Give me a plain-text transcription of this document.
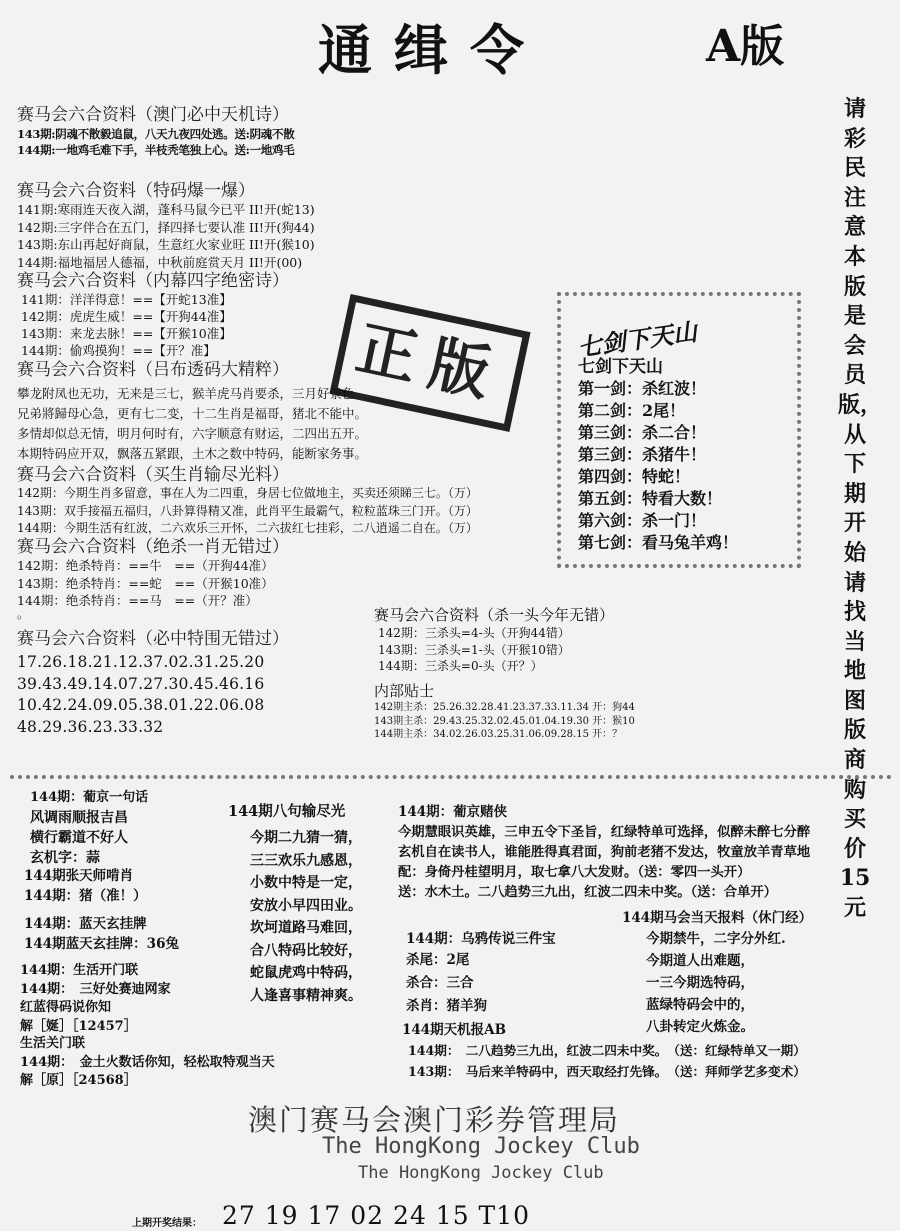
通缉令	A版
请彩民注意本版是会员版，从下期开始请找当地图版商购买价15元
赛马会六合资料（澳门必中天机诗）
143期:阴魂不散毅追鼠，八天九夜四处逃。送:阴魂不散
144期:一地鸡毛难下手，半枝秃笔独上心。送:一地鸡毛
赛马会六合资料（特码爆一爆）
141期:寒雨连天夜入湖，蓬科马鼠今已平 II!开(蛇13)
142期:三字伴合在五门，择四择七要认准 II!开(狗44)
143期:东山再起好商鼠，生意红火家业旺 II!开(猴10)
144期:福地福居人德福，中秋前庭赏天月 II!开(00)
赛马会六合资料（内幕四字绝密诗）
141期：洋洋得意！==【开蛇13准】
142期：虎虎生威！==【开狗44准】
143期：来龙去脉！==【开猴10准】
144期：偷鸡摸狗！==【开？准】	正版
赛马会六合资料（吕布透码大精粹）
攀龙附凤也无功，无来是三七，猴羊虎马肖要杀，三月好景色
兄弟將歸母心急，更有七二变，十二生肖是福哥，猪北不能中。
多情却似总无情，明月何时有，六字顺意有财运，二四出五开。
本期特码应开双，飘落五紧跟，土木之数中特码，能断家务事。
赛马会六合资料（买生肖输尽光料）
142期：今期生肖多留意，事在人为二四重，身居七位做地主，买卖还须睇三七。（万）
143期：双手接福五福归，八卦算得精又准，此肖平生最霸气，粒粒蓝珠三门开。（万）
144期：今期生活有红波，二六欢乐三开怀，二六拔红七挂彩，二八逍遥二自在。（万）
赛马会六合资料（绝杀一肖无错过）
142期：绝杀特肖：==牛　==（开狗44准）
143期：绝杀特肖：==蛇　==（开猴10准）
144期：绝杀特肖：==马　==（开？准）
。
赛马会六合资料（必中特围无错过）
17.26.18.21.12.37.02.31.25.20
39.43.49.14.07.27.30.45.46.16
10.42.24.09.05.38.01.22.06.08
48.29.36.23.33.32
赛马会六合资料（杀一头今年无错）
142期：三杀头=4-头（开狗44错）
143期：三杀头=1-头（开猴10错）
144期：三杀头=0-头（开？）
内部贴士
142期主杀：25.26.32.28.41.23.37.33.11.34 开：狗44
143期主杀：29.43.25.32.02.45.01.04.19.30 开：猴10
144期主杀：34.02.26.03.25.31.06.09.28.15 开：？
七剑下天山
七剑下天山
第一剑：杀红波！
第二剑：2尾！
第三剑：杀二合！
第三剑：杀猪牛！
第四剑：特蛇！
第五剑：特看大数！
第六剑：杀一门！
第七剑：看马兔羊鸡！
144期：葡京一句话
风调雨顺报吉昌
横行霸道不好人
玄机字：蒜
144期张天师啃肖
144期：猪（准！）
144期：蓝天玄挂牌
144期蓝天玄挂牌：36兔
144期：生活开门联
144期：　三好处赛迪网家
红蓝得码说你知
解［娫］［12457］
生活关门联
144期：　金土火数话你知，轻松取特观当天
解［原］［24568］
144期八句输尽光
今期二九猜一猜，
三三欢乐九感恩，
小数中特是一定，
安放小早四田业。
坎坷道路马难回，
合八特码比较好，
蛇鼠虎鸡中特码，
人逢喜事精神爽。
144期：葡京赌侠
今期慧眼识英雄，三申五令下圣旨，红绿特单可选择，似醉未醉七分醉
玄机自在读书人，谁能胜得真君面，狗前老猪不发达，牧童放羊青草地
配：身倚丹桂望明月，取七拿八大发财。（送：零四一头开）
送：水木土。二八趋势三九出，红波二四未中奖。（送：合单开）
144期马会当天报料（休门经）
今期禁牛，二字分外红.
今期道人出难题，
一三今期选特码，
蓝绿特码会中的，
八卦转定火炼金。
144期：乌鸦传说三件宝
杀尾：2尾
杀合：三合
杀肖：猪羊狗
144期天机报AB
144期：　二八趋势三九出，红波二四未中奖。　（送：红绿特单又一期）
143期：　马后来羊特码中，西天取经打先锋。　（送：拜师学艺多变术）
澳门赛马会澳门彩券管理局
The HongKong Jockey Club
The HongKong Jockey Club
上期开奖结果： 27 19 17 02 24 15 T10
